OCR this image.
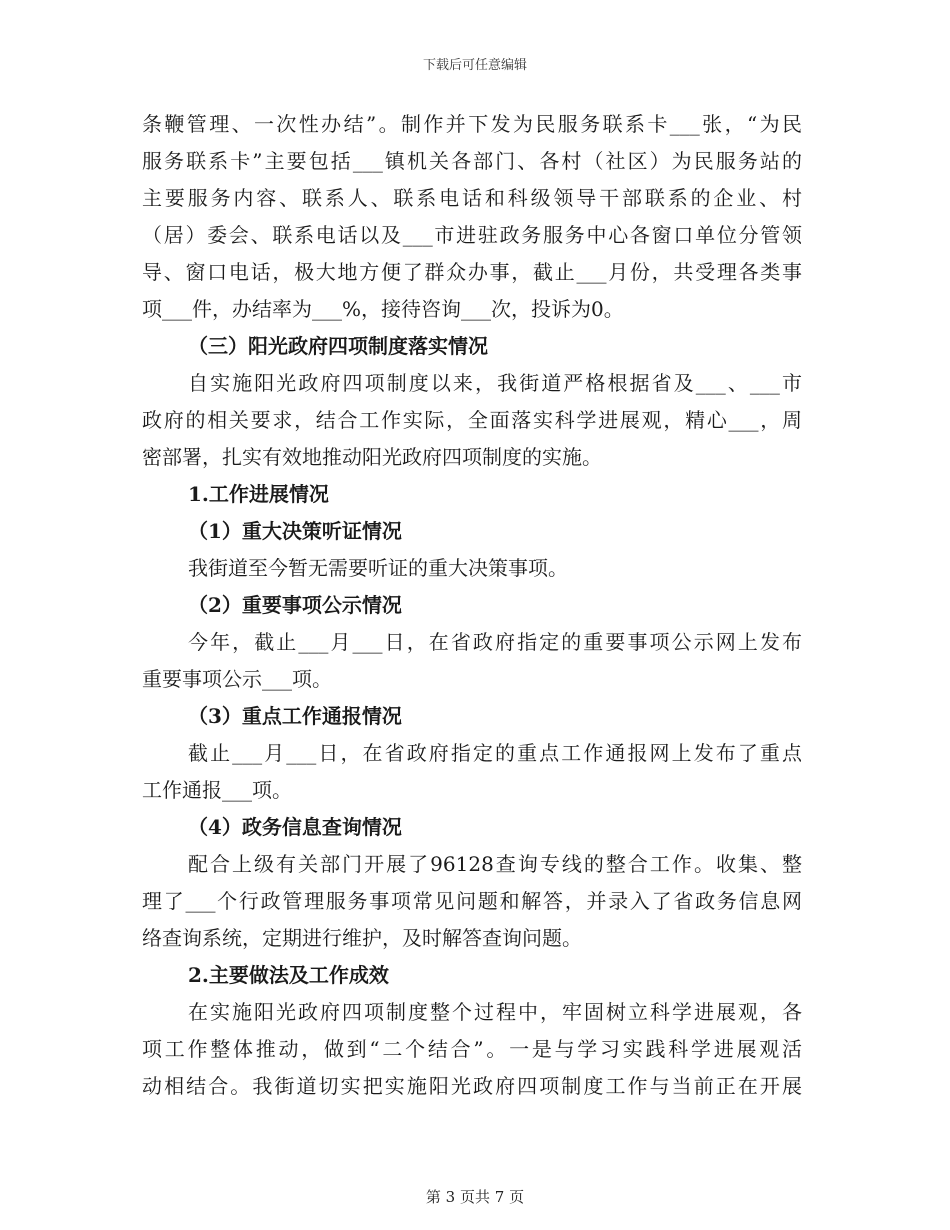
下载后可任意编辑
条鞭管理、一次性办结”。制作并下发为民服务联系卡___张，“为民
服务联系卡”主要包括___镇机关各部门、各村（社区）为民服务站的
主要服务内容、联系人、联系电话和科级领导干部联系的企业、村
（居）委会、联系电话以及___市进驻政务服务中心各窗口单位分管领
导、窗口电话，极大地方便了群众办事，截止___月份，共受理各类事
项___件，办结率为___%，接待咨询___次，投诉为0。
（三）阳光政府四项制度落实情况
自实施阳光政府四项制度以来，我街道严格根据省及___、___市
政府的相关要求，结合工作实际，全面落实科学进展观，精心___，周
密部署，扎实有效地推动阳光政府四项制度的实施。
1.工作进展情况
（1）重大决策听证情况
我街道至今暂无需要听证的重大决策事项。
（2）重要事项公示情况
今年，截止___月___日，在省政府指定的重要事项公示网上发布
重要事项公示___项。
（3）重点工作通报情况
截止___月___日，在省政府指定的重点工作通报网上发布了重点
工作通报___项。
（4）政务信息查询情况
配合上级有关部门开展了96128查询专线的整合工作。收集、整
理了___个行政管理服务事项常见问题和解答，并录入了省政务信息网
络查询系统，定期进行维护，及时解答查询问题。
2.主要做法及工作成效
在实施阳光政府四项制度整个过程中，牢固树立科学进展观，各
项工作整体推动，做到“二个结合”。一是与学习实践科学进展观活
动相结合。我街道切实把实施阳光政府四项制度工作与当前正在开展
第 3 页共 7 页
